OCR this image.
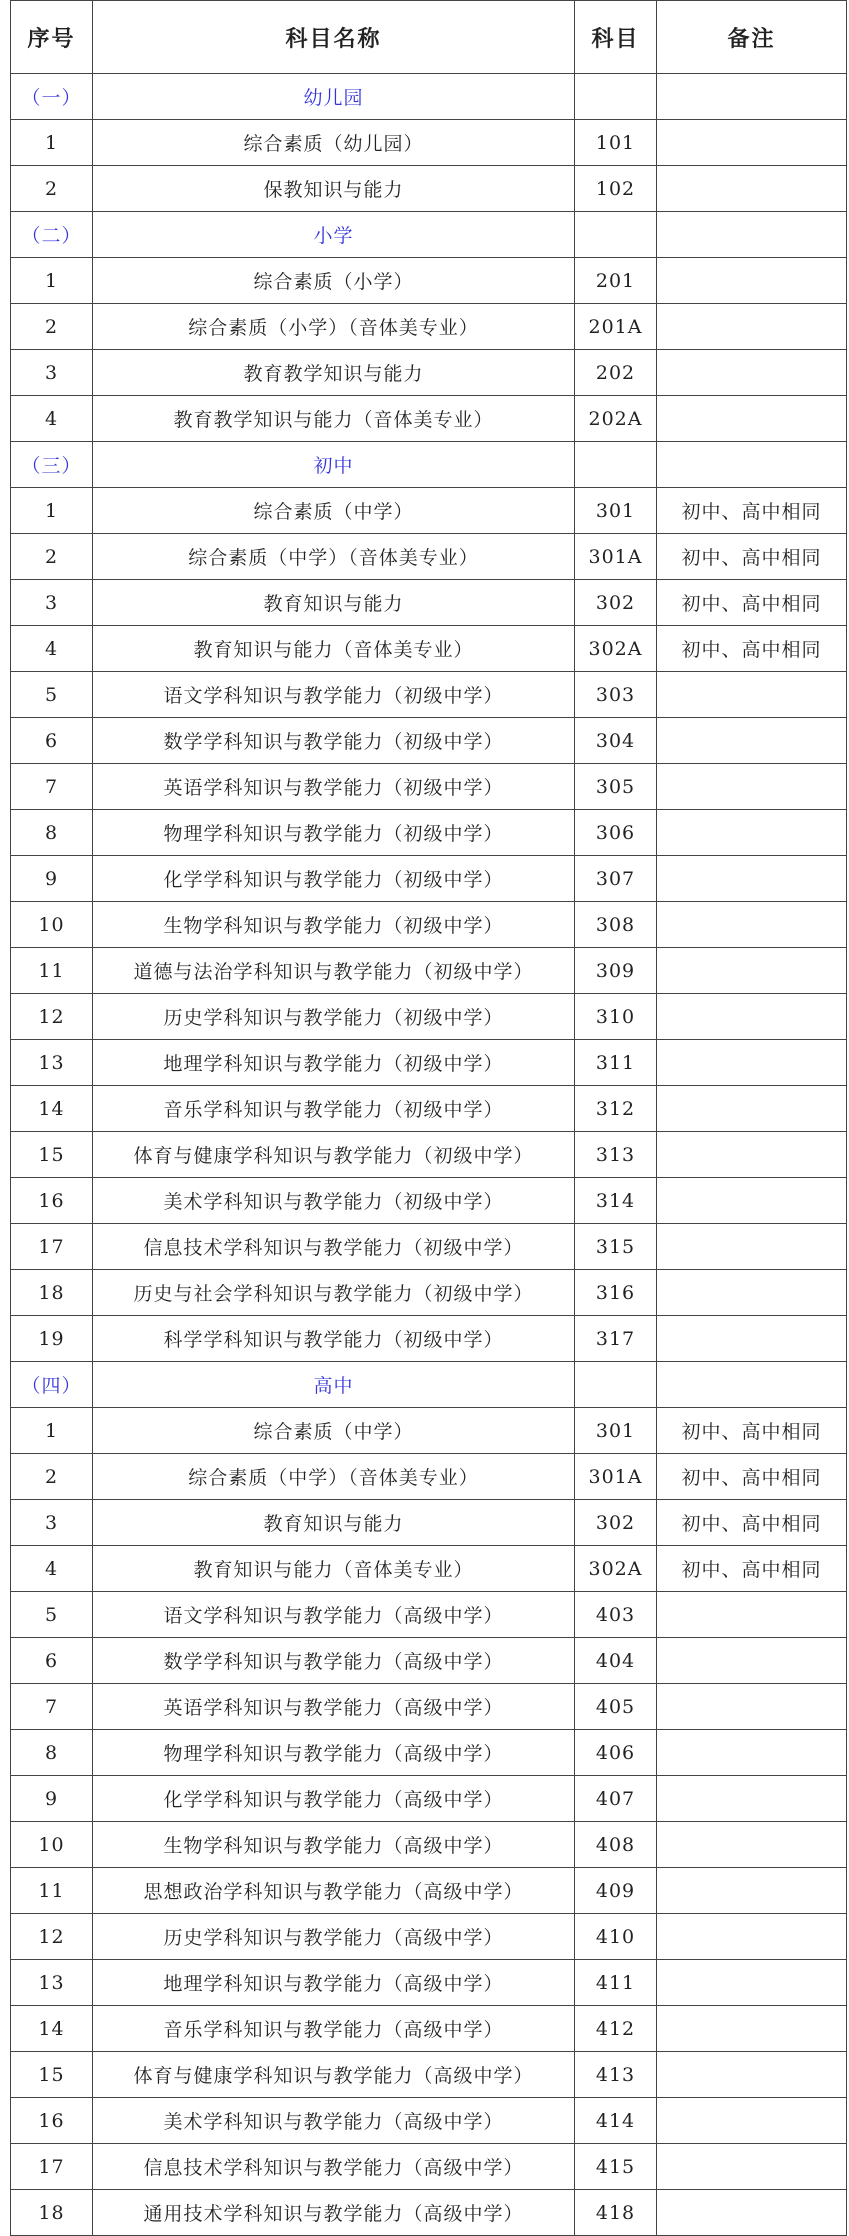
序号	科目名称	科目	备注
（一）	幼儿园		
1	综合素质（幼儿园）	101	
2	保教知识与能力	102	
（二）	小学		
1	综合素质（小学）	201	
2	综合素质（小学）（音体美专业）	201A	
3	教育教学知识与能力	202	
4	教育教学知识与能力（音体美专业）	202A	
（三）	初中		
1	综合素质（中学）	301	初中、高中相同
2	综合素质（中学）（音体美专业）	301A	初中、高中相同
3	教育知识与能力	302	初中、高中相同
4	教育知识与能力（音体美专业）	302A	初中、高中相同
5	语文学科知识与教学能力（初级中学）	303	
6	数学学科知识与教学能力（初级中学）	304	
7	英语学科知识与教学能力（初级中学）	305	
8	物理学科知识与教学能力（初级中学）	306	
9	化学学科知识与教学能力（初级中学）	307	
10	生物学科知识与教学能力（初级中学）	308	
11	道德与法治学科知识与教学能力（初级中学）	309	
12	历史学科知识与教学能力（初级中学）	310	
13	地理学科知识与教学能力（初级中学）	311	
14	音乐学科知识与教学能力（初级中学）	312	
15	体育与健康学科知识与教学能力（初级中学）	313	
16	美术学科知识与教学能力（初级中学）	314	
17	信息技术学科知识与教学能力（初级中学）	315	
18	历史与社会学科知识与教学能力（初级中学）	316	
19	科学学科知识与教学能力（初级中学）	317	
（四）	高中		
1	综合素质（中学）	301	初中、高中相同
2	综合素质（中学）（音体美专业）	301A	初中、高中相同
3	教育知识与能力	302	初中、高中相同
4	教育知识与能力（音体美专业）	302A	初中、高中相同
5	语文学科知识与教学能力（高级中学）	403	
6	数学学科知识与教学能力（高级中学）	404	
7	英语学科知识与教学能力（高级中学）	405	
8	物理学科知识与教学能力（高级中学）	406	
9	化学学科知识与教学能力（高级中学）	407	
10	生物学科知识与教学能力（高级中学）	408	
11	思想政治学科知识与教学能力（高级中学）	409	
12	历史学科知识与教学能力（高级中学）	410	
13	地理学科知识与教学能力（高级中学）	411	
14	音乐学科知识与教学能力（高级中学）	412	
15	体育与健康学科知识与教学能力（高级中学）	413	
16	美术学科知识与教学能力（高级中学）	414	
17	信息技术学科知识与教学能力（高级中学）	415	
18	通用技术学科知识与教学能力（高级中学）	418	
